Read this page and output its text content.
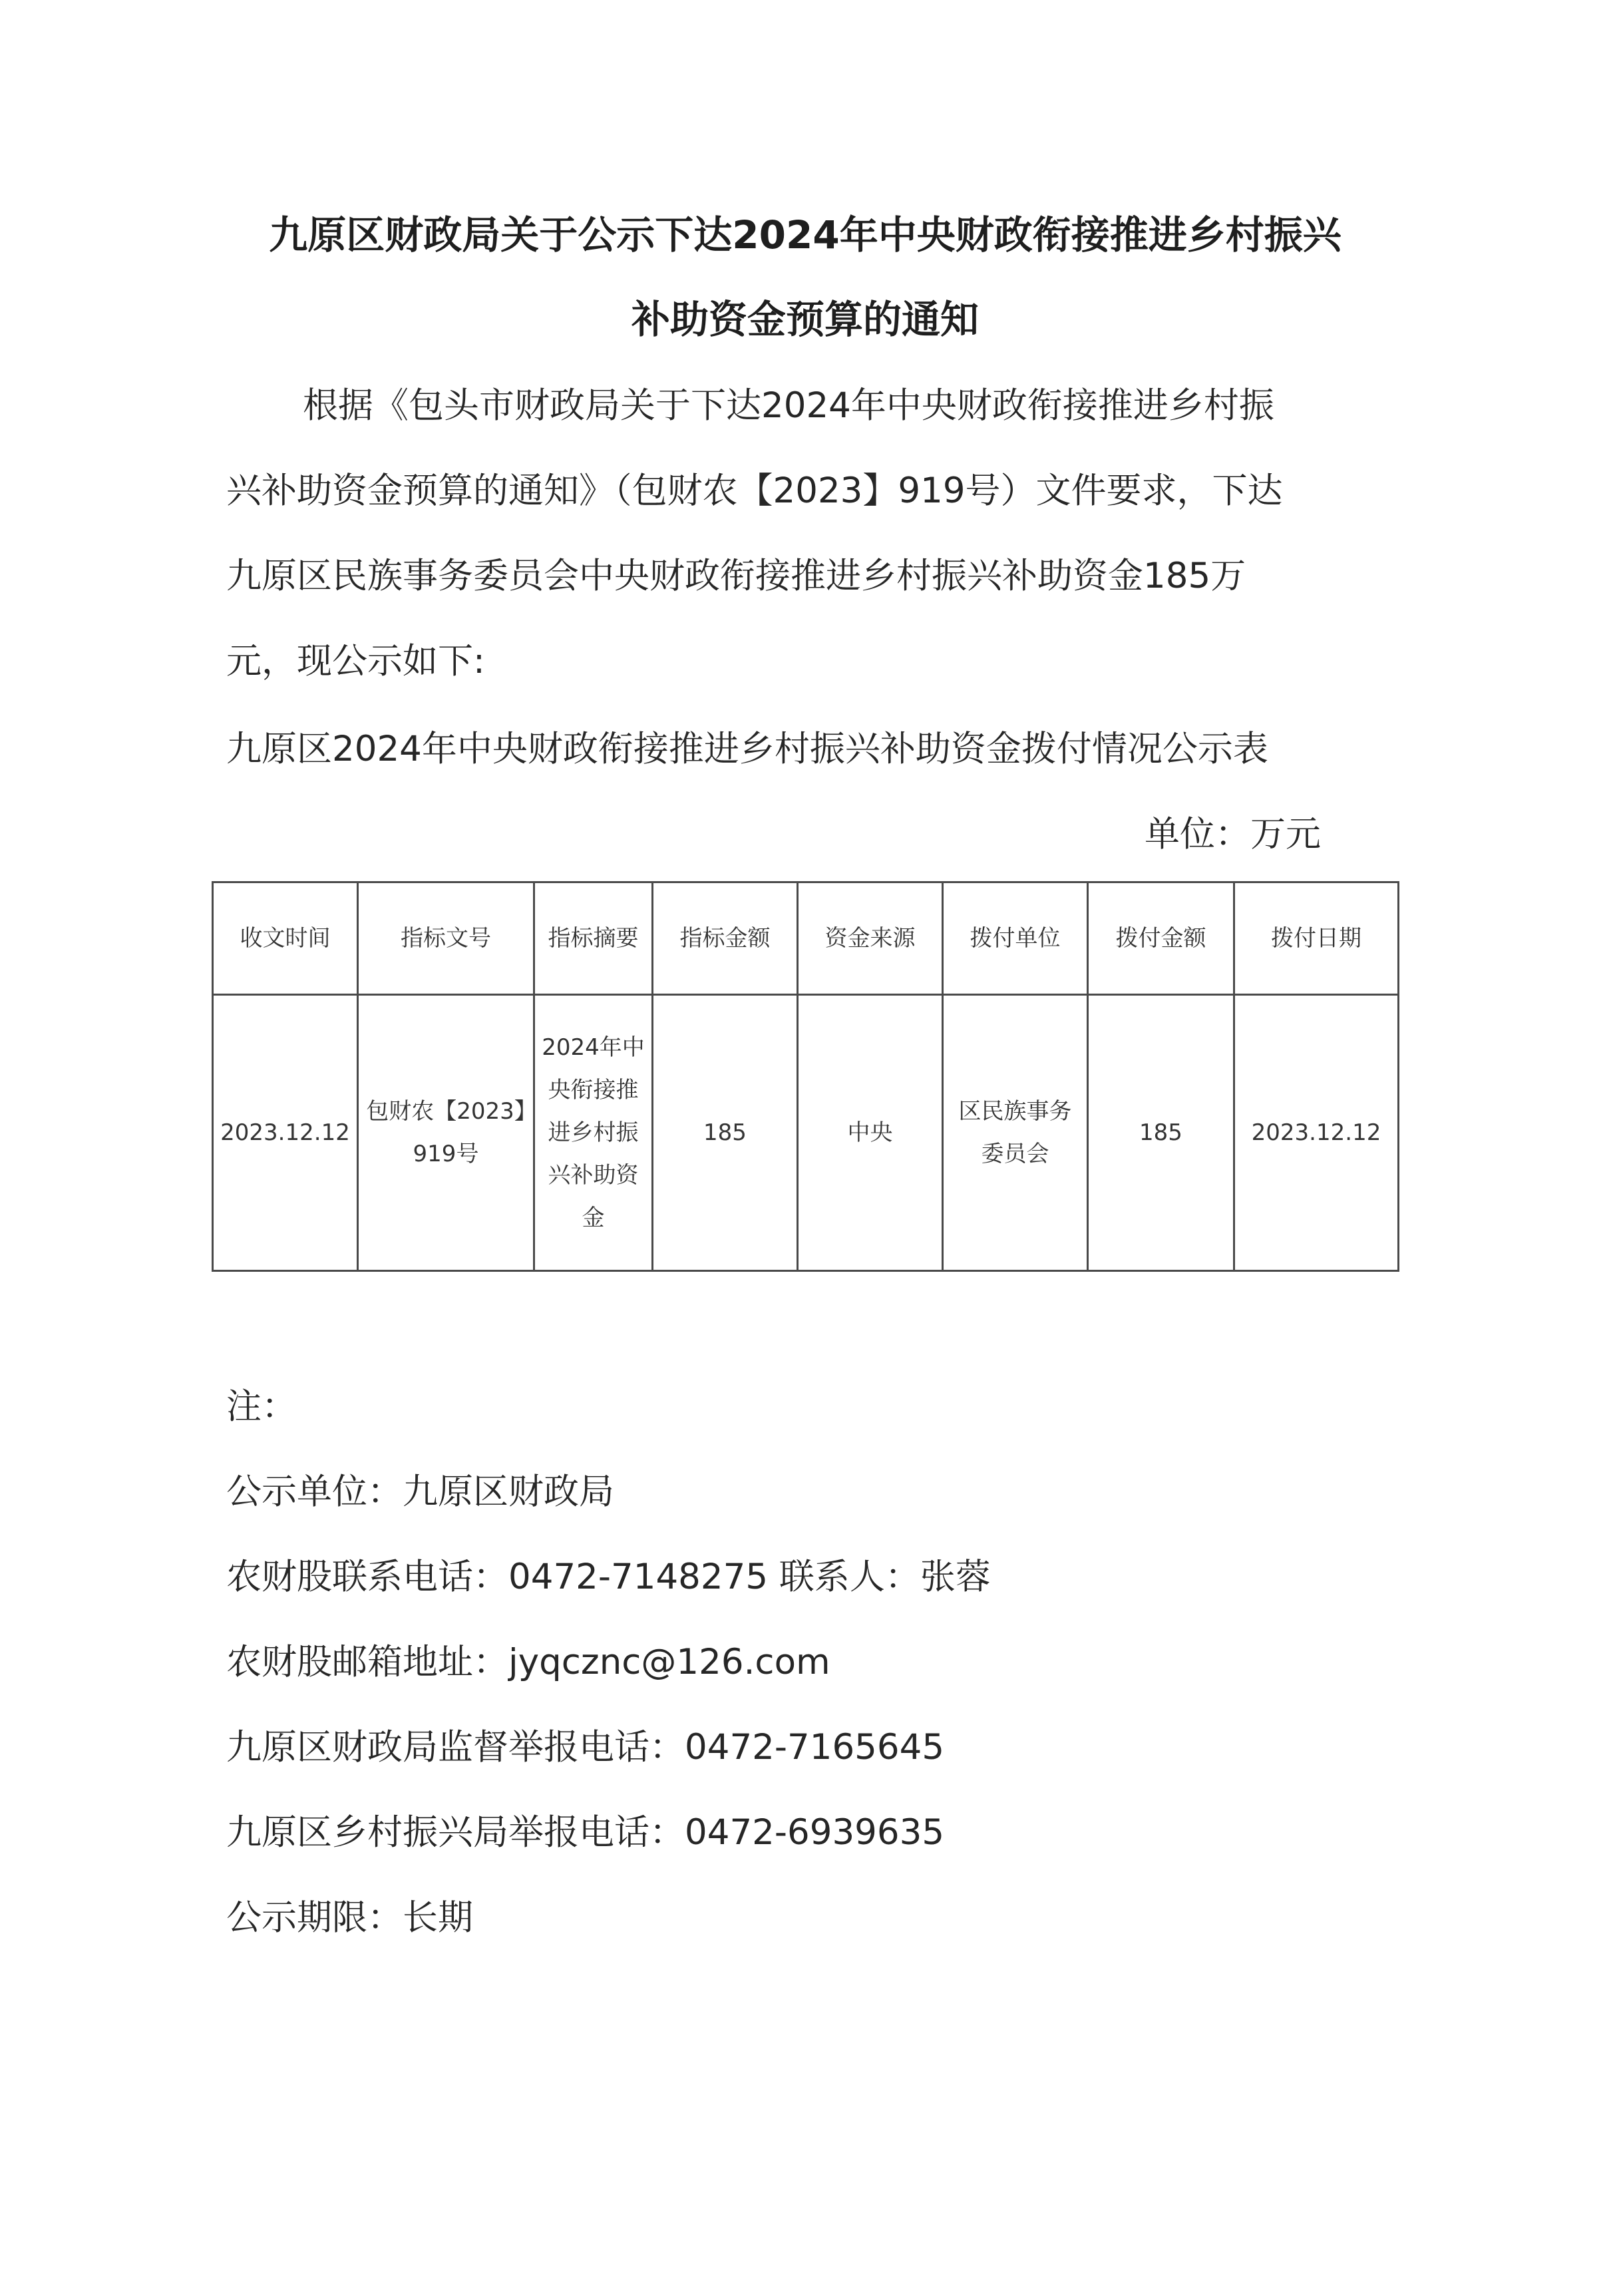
九原区财政局关于公示下达2024年中央财政衔接推进乡村振兴
补助资金预算的通知
根据《包头市财政局关于下达2024年中央财政衔接推进乡村振
兴补助资金预算的通知》（包财农【2023】919号）文件要求，下达
九原区民族事务委员会中央财政衔接推进乡村振兴补助资金185万
元，现公示如下:
九原区2024年中央财政衔接推进乡村振兴补助资金拨付情况公示表
单位：万元
收文时间	指标文号	指标摘要	指标金额	资金来源	拨付单位	拨付金额	拨付日期
2023.12.12	包财农【2023】919号	2024年中央衔接推进乡村振兴补助资金	185	中央	区民族事务委员会	185	2023.12.12
注：
公示单位：九原区财政局
农财股联系电话：0472-7148275 联系人：张蓉
农财股邮箱地址：jyqcznc@126.com
九原区财政局监督举报电话：0472-7165645
九原区乡村振兴局举报电话：0472-6939635
公示期限：长期
